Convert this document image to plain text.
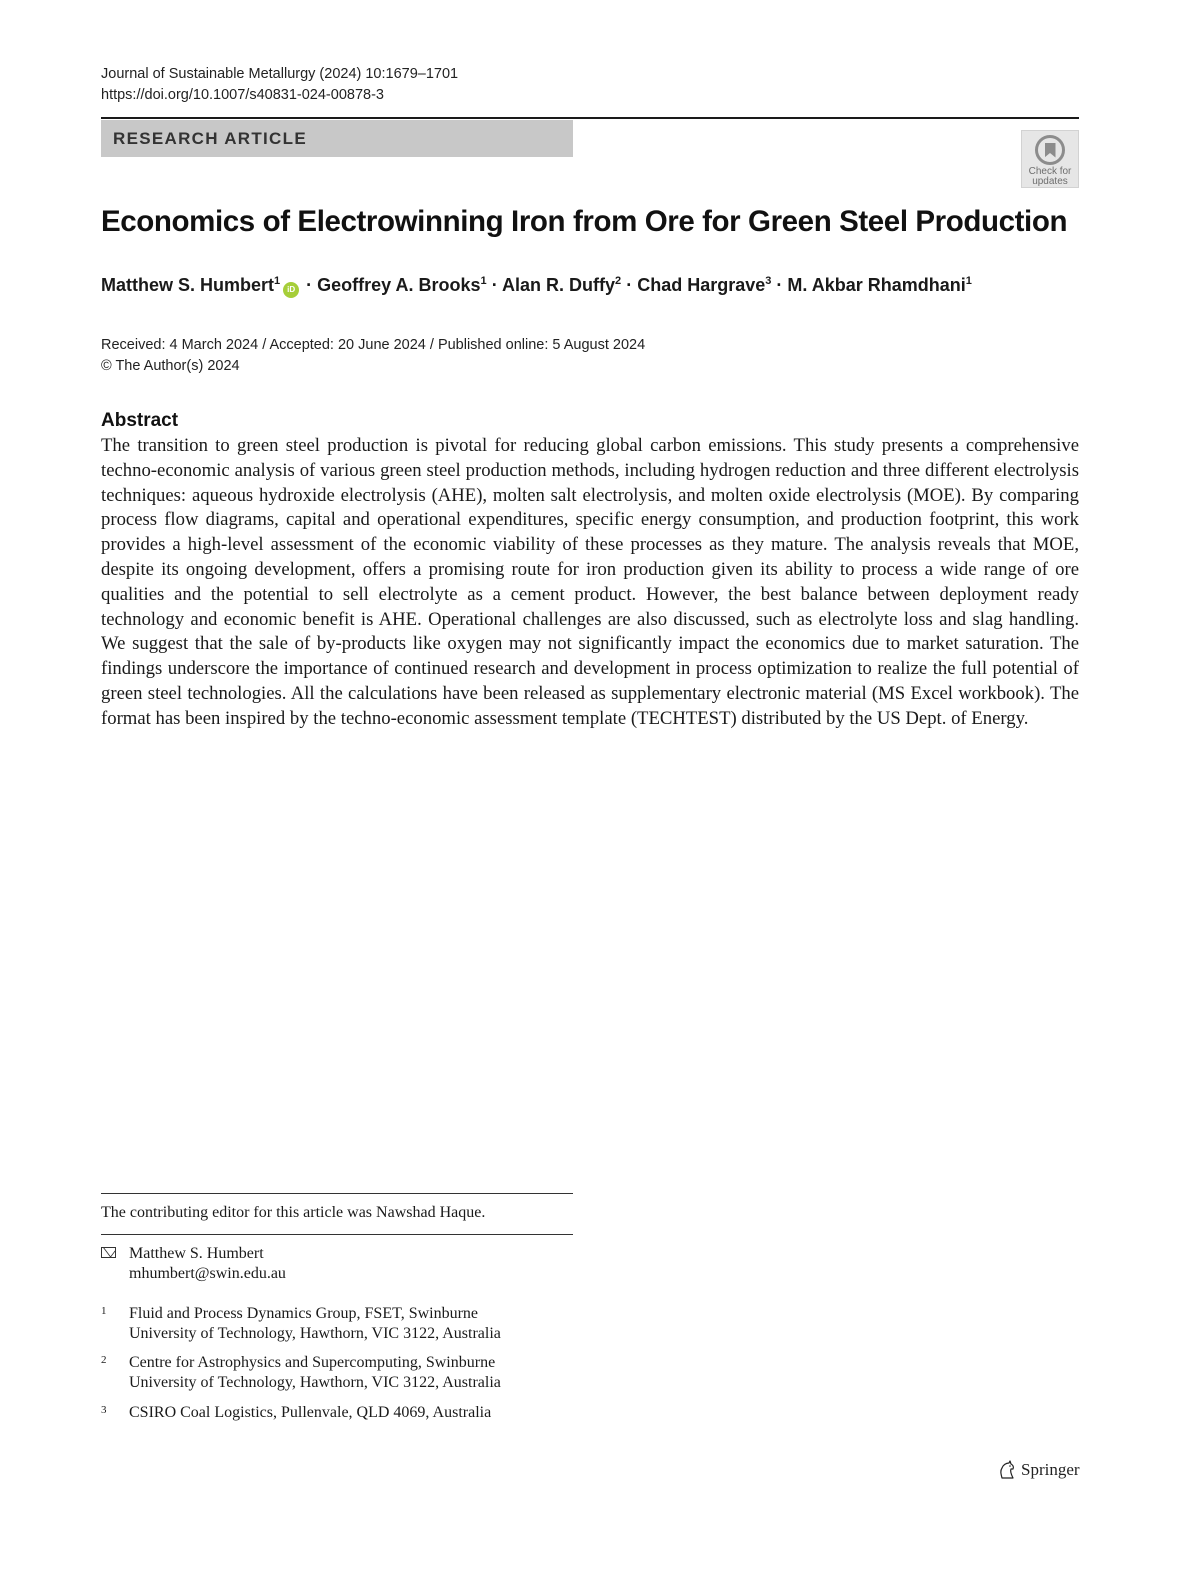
Journal of Sustainable Metallurgy (2024) 10:1679–1701
https://doi.org/10.1007/s40831-024-00878-3
RESEARCH ARTICLE
Check for
updates
Economics of Electrowinning Iron from Ore for Green Steel Production
Matthew S. Humbert$^1$iD · Geoffrey A. Brooks$^1$ · Alan R. Duffy$^2$ · Chad Hargrave$^3$ · M. Akbar Rhamdhani$^1$
Received: 4 March 2024 / Accepted: 20 June 2024 / Published online: 5 August 2024
© The Author(s) 2024
Abstract

The transition to green steel production is pivotal for reducing global carbon emissions. This study presents a comprehensive techno-economic analysis of various green steel production methods, including hydrogen reduction and three different electrolysis techniques: aqueous hydroxide electrolysis (AHE), molten salt electrolysis, and molten oxide electrolysis (MOE). By comparing process flow diagrams, capital and operational expenditures, specific energy consumption, and production footprint, this work provides a high-level assessment of the economic viability of these processes as they mature. The analysis reveals that MOE, despite its ongoing development, offers a promising route for iron production given its ability to process a wide range of ore qualities and the potential to sell electrolyte as a cement product. However, the best balance between deployment ready technology and economic benefit is AHE. Operational challenges are also discussed, such as electrolyte loss and slag handling. We suggest that the sale of by-products like oxygen may not significantly impact the economics due to market saturation. The findings underscore the importance of continued research and development in process optimization to realize the full potential of green steel technologies. All the calculations have been released as supplementary electronic material (MS Excel workbook). The format has been inspired by the techno-economic assessment template (TECHTEST) distributed by the US Dept. of Energy.

The contributing editor for this article was Nawshad Haque.
Matthew S. Humbert
mhumbert@swin.edu.au
1 Fluid and Process Dynamics Group, FSET, Swinburne
University of Technology, Hawthorn, VIC 3122, Australia
2 Centre for Astrophysics and Supercomputing, Swinburne
University of Technology, Hawthorn, VIC 3122, Australia
3 CSIRO Coal Logistics, Pullenvale, QLD 4069, Australia
Springer
